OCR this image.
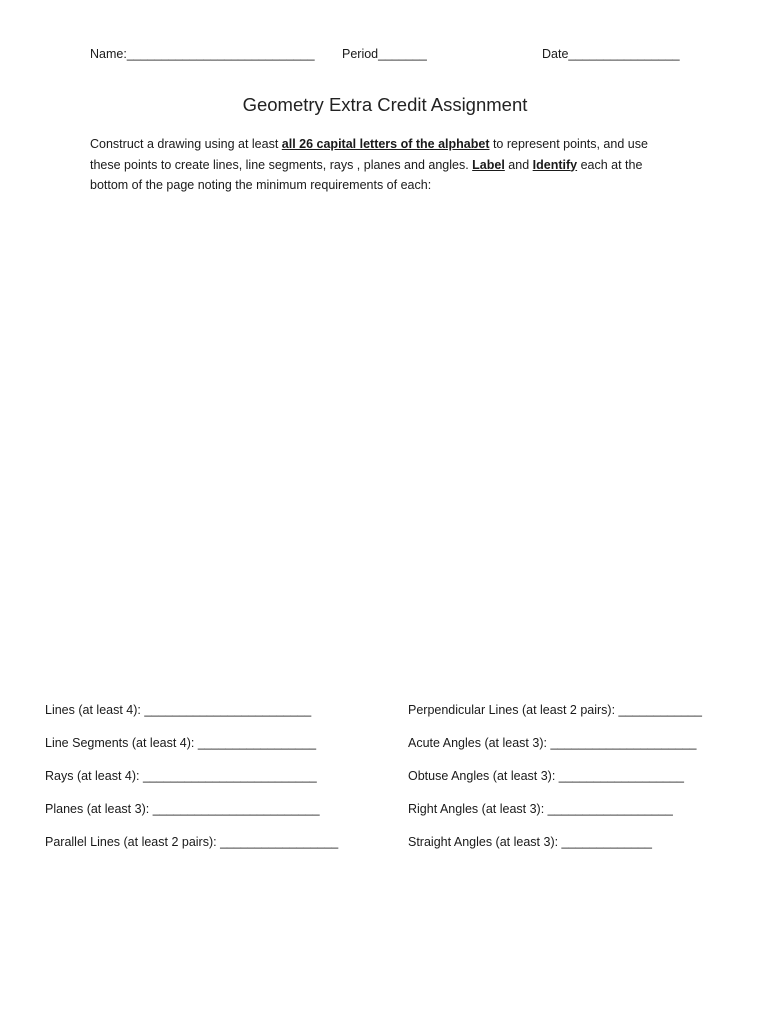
Name:___________________________ Period_______	Date________________
Geometry Extra Credit Assignment
Construct a drawing using at least all 26 capital letters of the alphabet to represent points, and use these points to create lines, line segments, rays , planes and angles. Label and Identify each at the bottom of the page noting the minimum requirements of each:
Lines (at least 4): ________________________
Line Segments (at least 4): _________________
Rays (at least 4): _________________________
Planes (at least 3): ________________________
Parallel Lines (at least 2 pairs): _________________
Perpendicular Lines (at least 2 pairs): ____________
Acute Angles (at least 3): _____________________
Obtuse Angles (at least 3): __________________
Right Angles (at least 3): __________________
Straight Angles (at least 3): _____________
